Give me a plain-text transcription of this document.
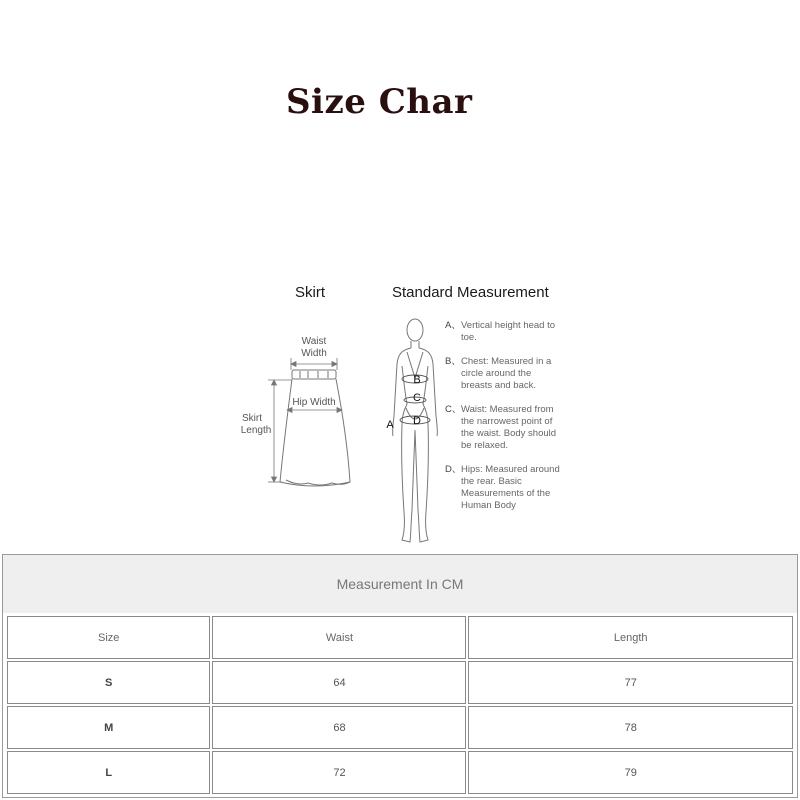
Size Char
Skirt
Waist
Width
Hip Width
Skirt
Length
Standard Measurement
B
C
D
A
A、 Vertical height head to toe.
B、 Chest: Measured in a circle around the breasts and back.
C、 Waist: Measured from the narrowest point of the waist. Body should be relaxed.
D、 Hips: Measured around the rear. Basic Measurements of the Human Body
Measurement In CM
Size	Waist	Length
S	64	77
M	68	78
L	72	79
